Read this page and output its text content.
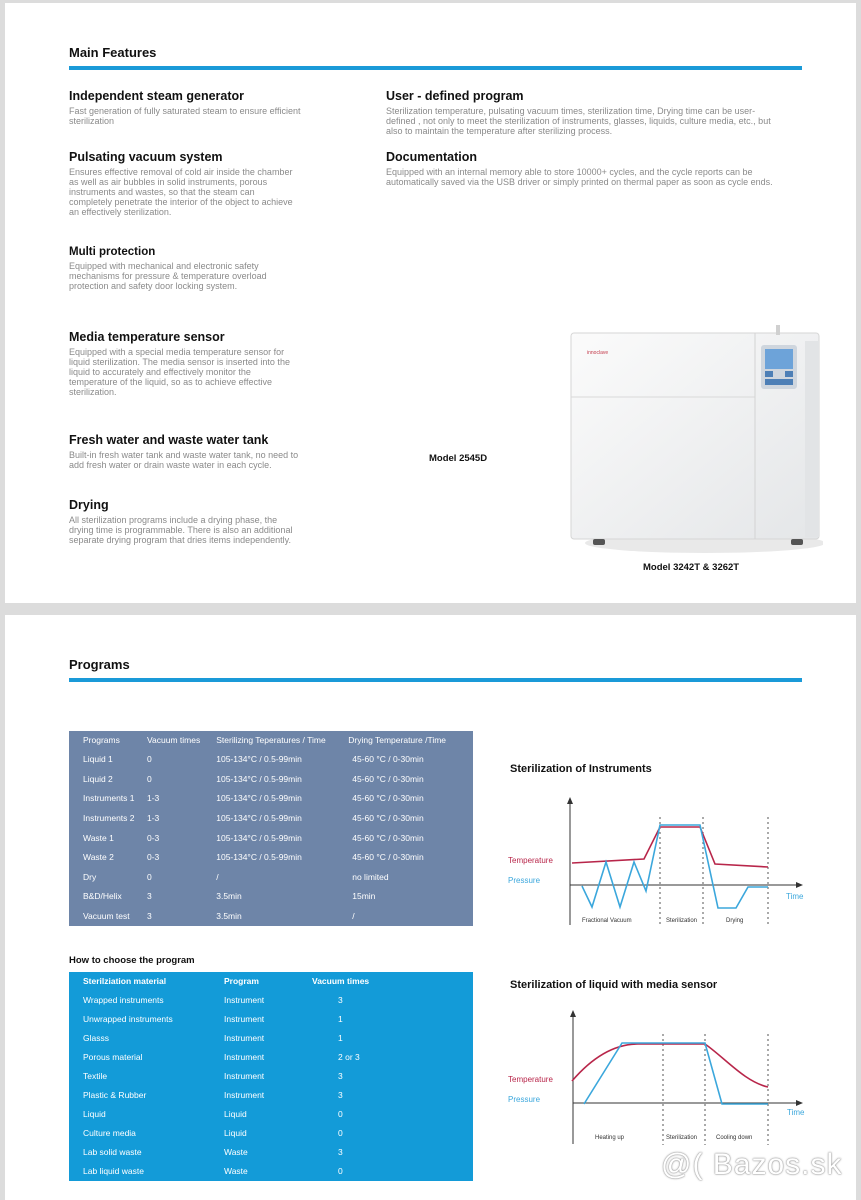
Main Features
Independent steam generator

Fast generation of fully saturated steam to ensure efficient sterilization

Pulsating vacuum system

Ensures effective removal of cold air inside the chamber as well as air bubbles in solid instruments, porous instruments and wastes, so that the steam can completely penetrate the interior of the object to achieve an effectively sterilization.

Multi protection

Equipped with mechanical and electronic safety mechanisms for pressure & temperature overload protection and safety door locking system.

Media temperature sensor

Equipped with a special media temperature sensor for liquid sterilization. The media sensor is inserted into the liquid to accurately and effectively monitor the temperature of the liquid, so as to achieve effective sterilization.

Fresh water and waste water tank

Built-in fresh water tank and waste water tank, no need to add fresh water or drain waste water in each cycle.

Drying

All sterilization programs include a drying phase, the drying time is programmable. There is also an additional separate drying program that dries items independently.

User - defined program

Sterilization temperature, pulsating vacuum times, sterilization time, Drying time can be user-defined , not only to meet the sterilization of instruments, glasses, liquids, culture media, etc., but also to maintain the temperature after sterilizing process.

Documentation

Equipped with an internal memory able to store 10000+ cycles, and the cycle reports can be automatically saved via the USB driver or simply printed on thermal paper as soon as cycle ends.

innoclave
Model 2545D
Model 3242T & 3262T
Programs
Programs	Vacuum times	Sterilizing Teperatures / Time	Drying Temperature /Time
Liquid 1	0	105-134°C / 0.5-99min	45-60 °C / 0-30min
Liquid 2	0	105-134°C / 0.5-99min	45-60 °C / 0-30min
Instruments 1	1-3	105-134°C / 0.5-99min	45-60 °C / 0-30min
Instruments 2	1-3	105-134°C / 0.5-99min	45-60 °C / 0-30min
Waste 1	0-3	105-134°C / 0.5-99min	45-60 °C / 0-30min
Waste 2	0-3	105-134°C / 0.5-99min	45-60 °C / 0-30min
Dry	0	/	no limited
B&D/Helix	3	3.5min	15min
Vacuum test	3	3.5min	/
How to choose the program
Sterilziation material	Program	Vacuum times
Wrapped instruments	Instrument	3
Unwrapped instruments	Instrument	1
Glasss	Instrument	1
Porous material	Instrument	2 or 3
Textile	Instrument	3
Plastic & Rubber	Instrument	3
Liquid	Liquid	0
Culture media	Liquid	0
Lab solid waste	Waste	3
Lab liquid waste	Waste	0
Sterilization of Instruments
Temperature
Pressure
Time
Fractional Vacuum	Sterilization	Drying
Sterilization of liquid with media sensor
Temperature
Pressure
Time
Heating up	Sterilization	Cooling down
@( Bazos.sk
